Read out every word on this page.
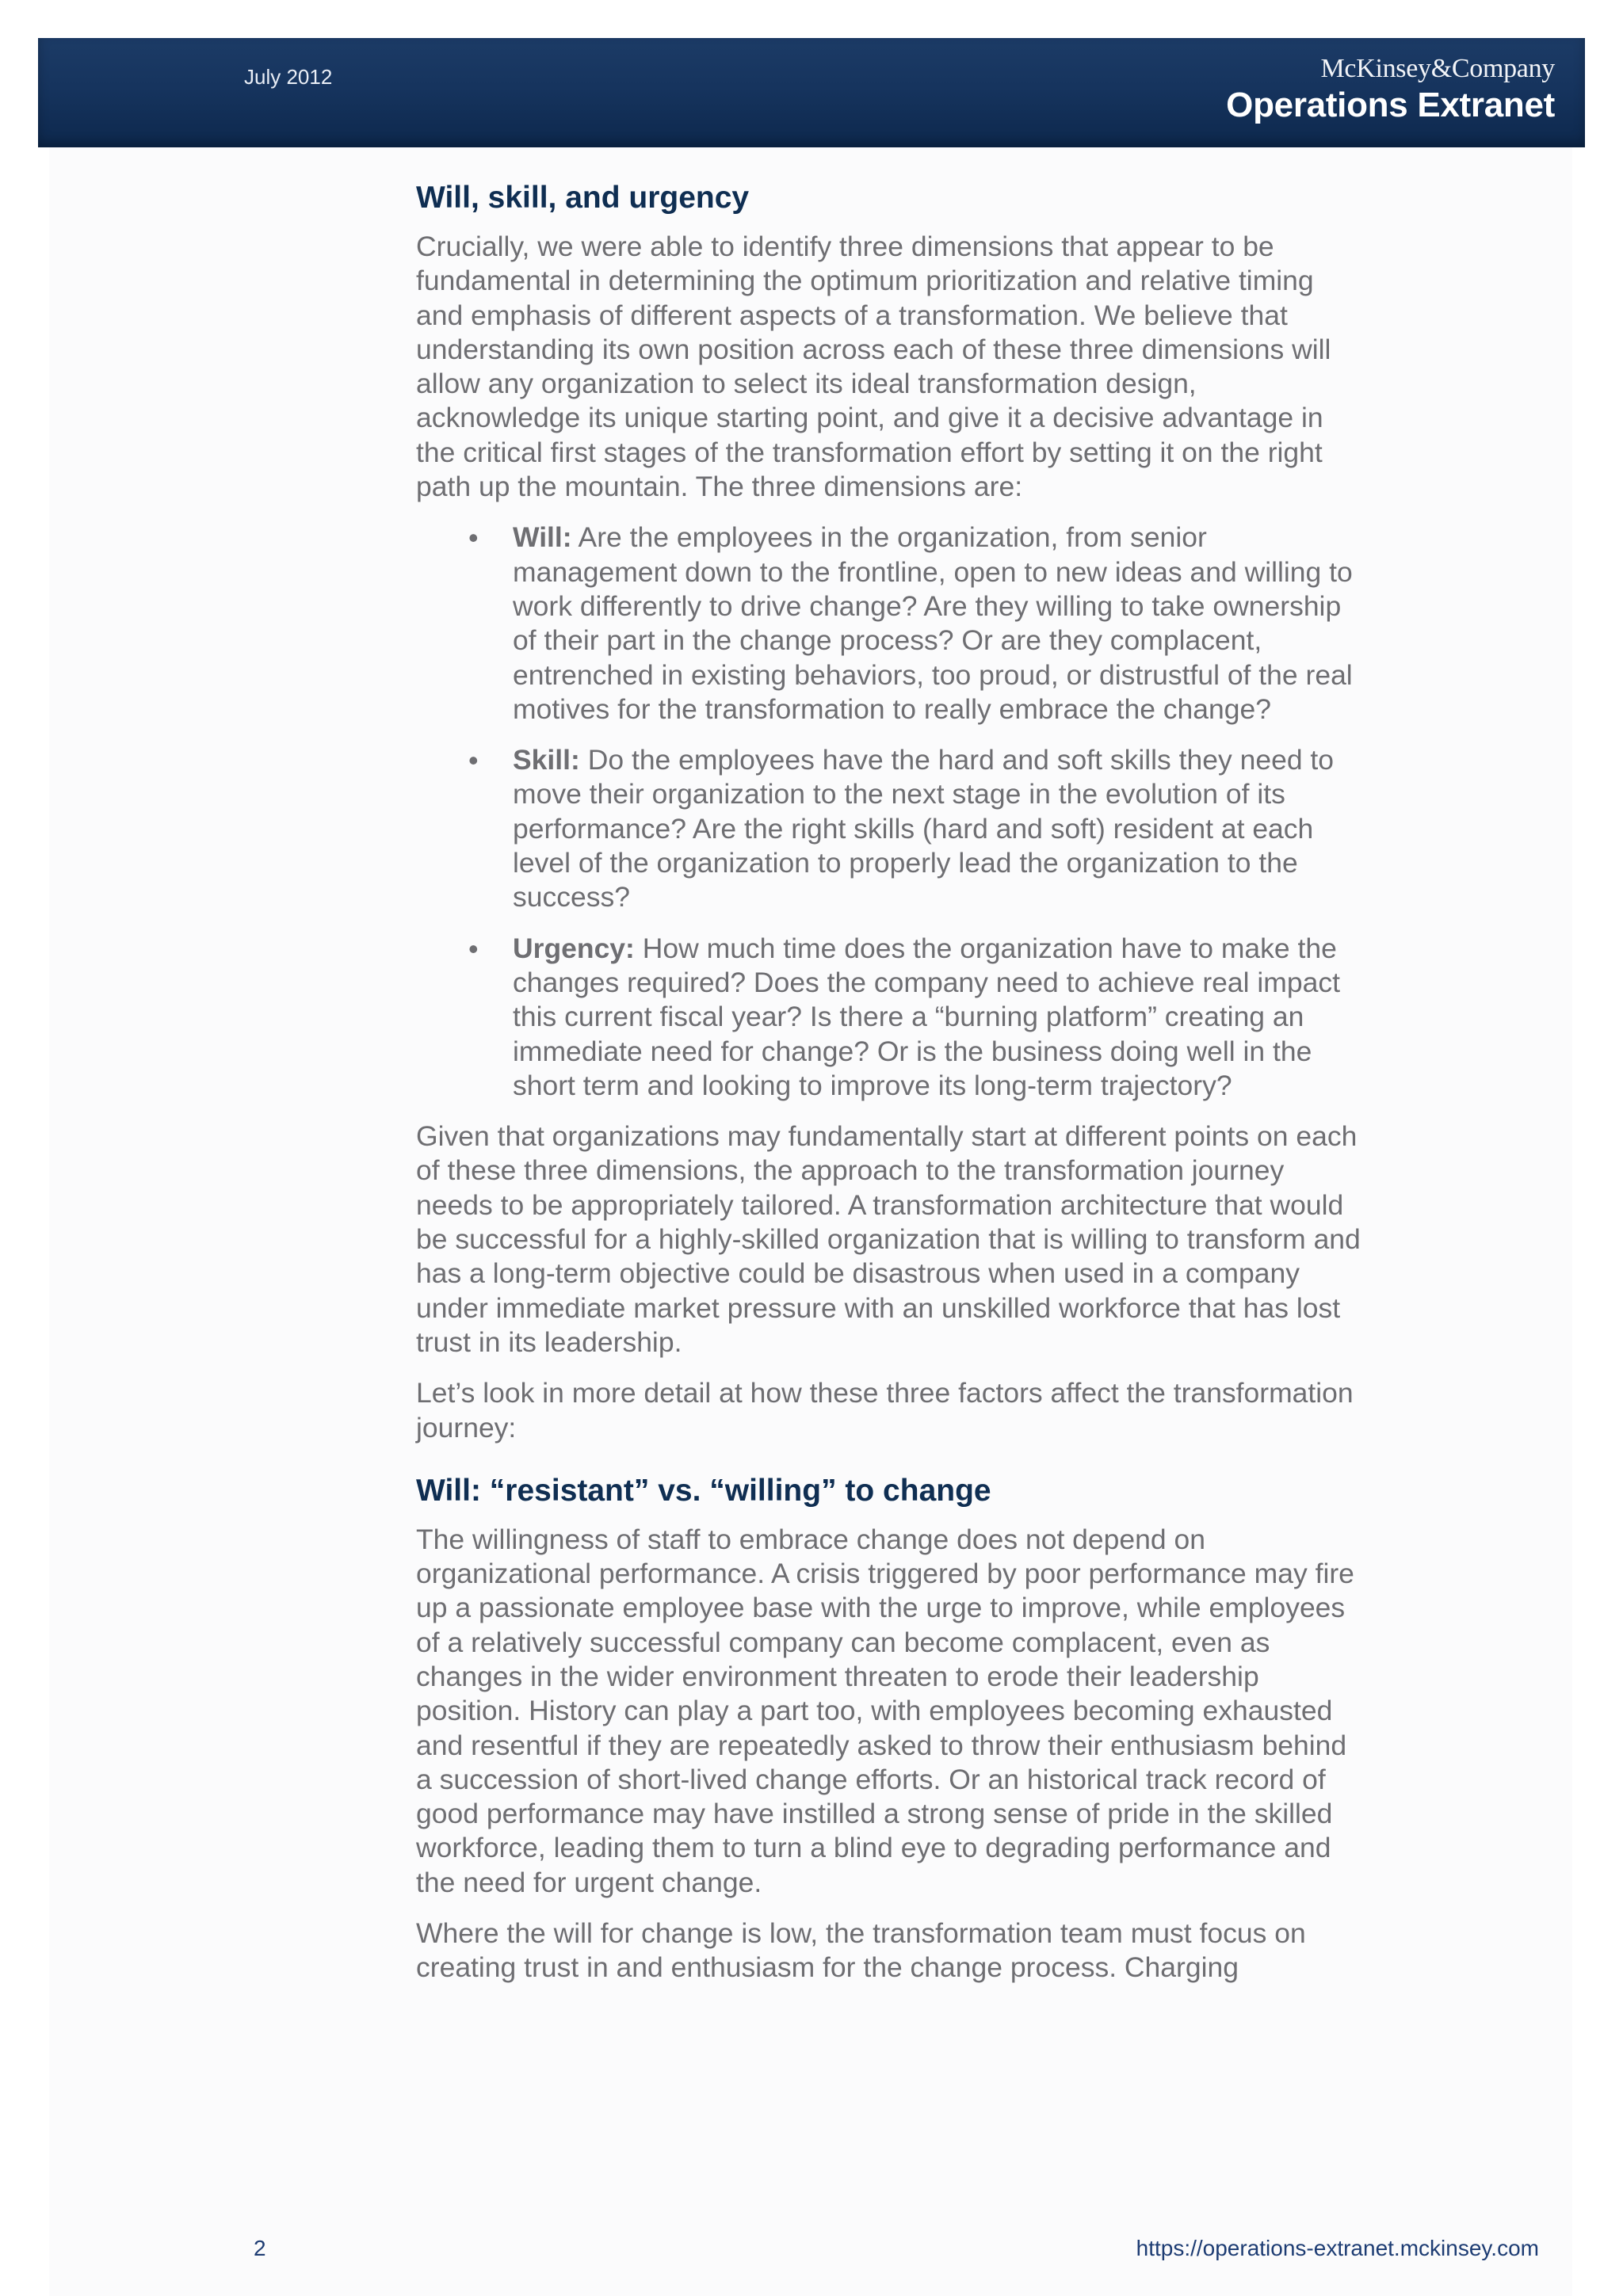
July 2012	McKinsey&Company
Operations Extranet
Will, skill, and urgency

Crucially, we were able to identify three dimensions that appear to be fundamental in determining the optimum prioritization and relative timing and emphasis of different aspects of a transformation. We believe that understanding its own position across each of these three dimensions will allow any organization to select its ideal transformation design, acknowledge its unique starting point, and give it a decisive advantage in the critical first stages of the transformation effort by setting it on the right path up the mountain. The three dimensions are:

• Will: Are the employees in the organization, from senior management down to the frontline, open to new ideas and willing to work differently to drive change? Are they willing to take ownership of their part in the change process? Or are they complacent, entrenched in existing behaviors, too proud, or distrustful of the real motives for the transformation to really embrace the change?
• Skill: Do the employees have the hard and soft skills they need to move their organization to the next stage in the evolution of its performance? Are the right skills (hard and soft) resident at each level of the organization to properly lead the organization to the success?
• Urgency: How much time does the organization have to make the changes required? Does the company need to achieve real impact this current fiscal year? Is there a “burning platform” creating an immediate need for change? Or is the business doing well in the short term and looking to improve its long-term trajectory?

Given that organizations may fundamentally start at different points on each of these three dimensions, the approach to the transformation journey needs to be appropriately tailored. A transformation architecture that would be successful for a highly-skilled organization that is willing to transform and has a long-term objective could be disastrous when used in a company under immediate market pressure with an unskilled workforce that has lost trust in its leadership.

Let’s look in more detail at how these three factors affect the transformation journey:

Will: “resistant” vs. “willing” to change

The willingness of staff to embrace change does not depend on organizational performance. A crisis triggered by poor performance may fire up a passionate employee base with the urge to improve, while employees of a relatively successful company can become complacent, even as changes in the wider environment threaten to erode their leadership position. History can play a part too, with employees becoming exhausted and resentful if they are repeatedly asked to throw their enthusiasm behind a succession of short-lived change efforts. Or an historical track record of good performance may have instilled a strong sense of pride in the skilled workforce, leading them to turn a blind eye to degrading performance and the need for urgent change.

Where the will for change is low, the transformation team must focus on creating trust in and enthusiasm for the change process. Charging

2	https://operations-extranet.mckinsey.com
